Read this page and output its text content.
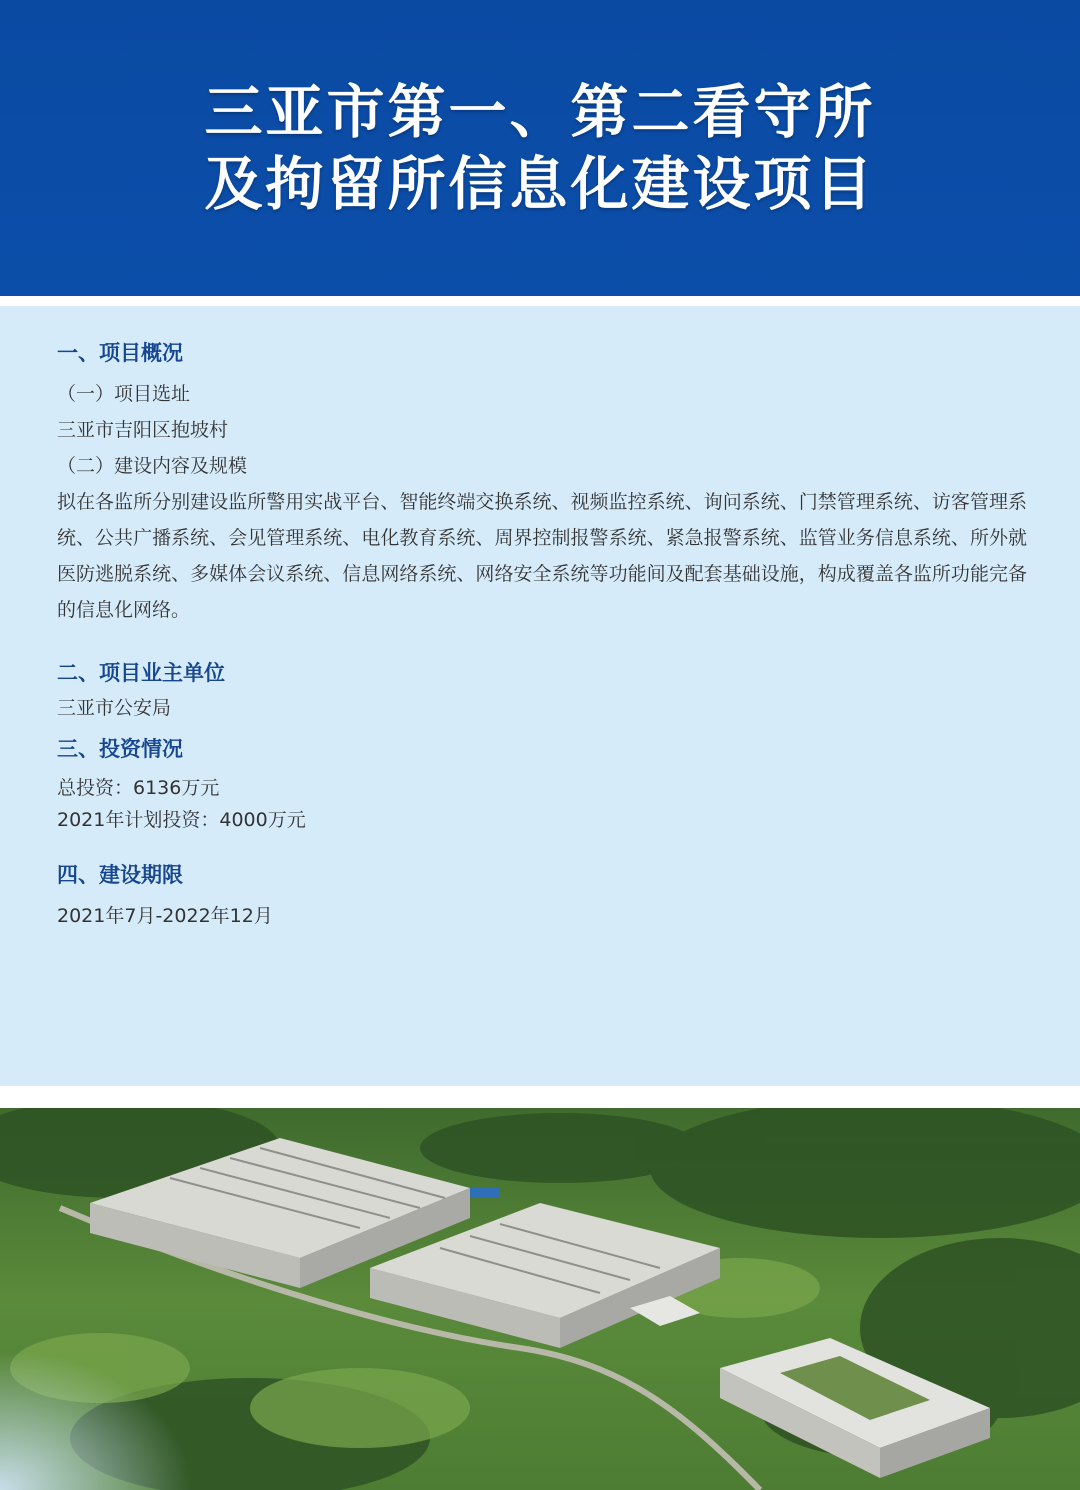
三亚市第一、第二看守所
及拘留所信息化建设项目

一、项目概况

（一）项目选址

三亚市吉阳区抱坡村

（二）建设内容及规模

拟在各监所分别建设监所警用实战平台、智能终端交换系统、视频监控系统、询问系统、门禁管理系统、访客管理系统、公共广播系统、会见管理系统、电化教育系统、周界控制报警系统、紧急报警系统、监管业务信息系统、所外就医防逃脱系统、多媒体会议系统、信息网络系统、网络安全系统等功能间及配套基础设施，构成覆盖各监所功能完备的信息化网络。

二、项目业主单位

三亚市公安局

三、投资情况

总投资：6136万元

2021年计划投资：4000万元

四、建设期限

2021年7月-2022年12月
